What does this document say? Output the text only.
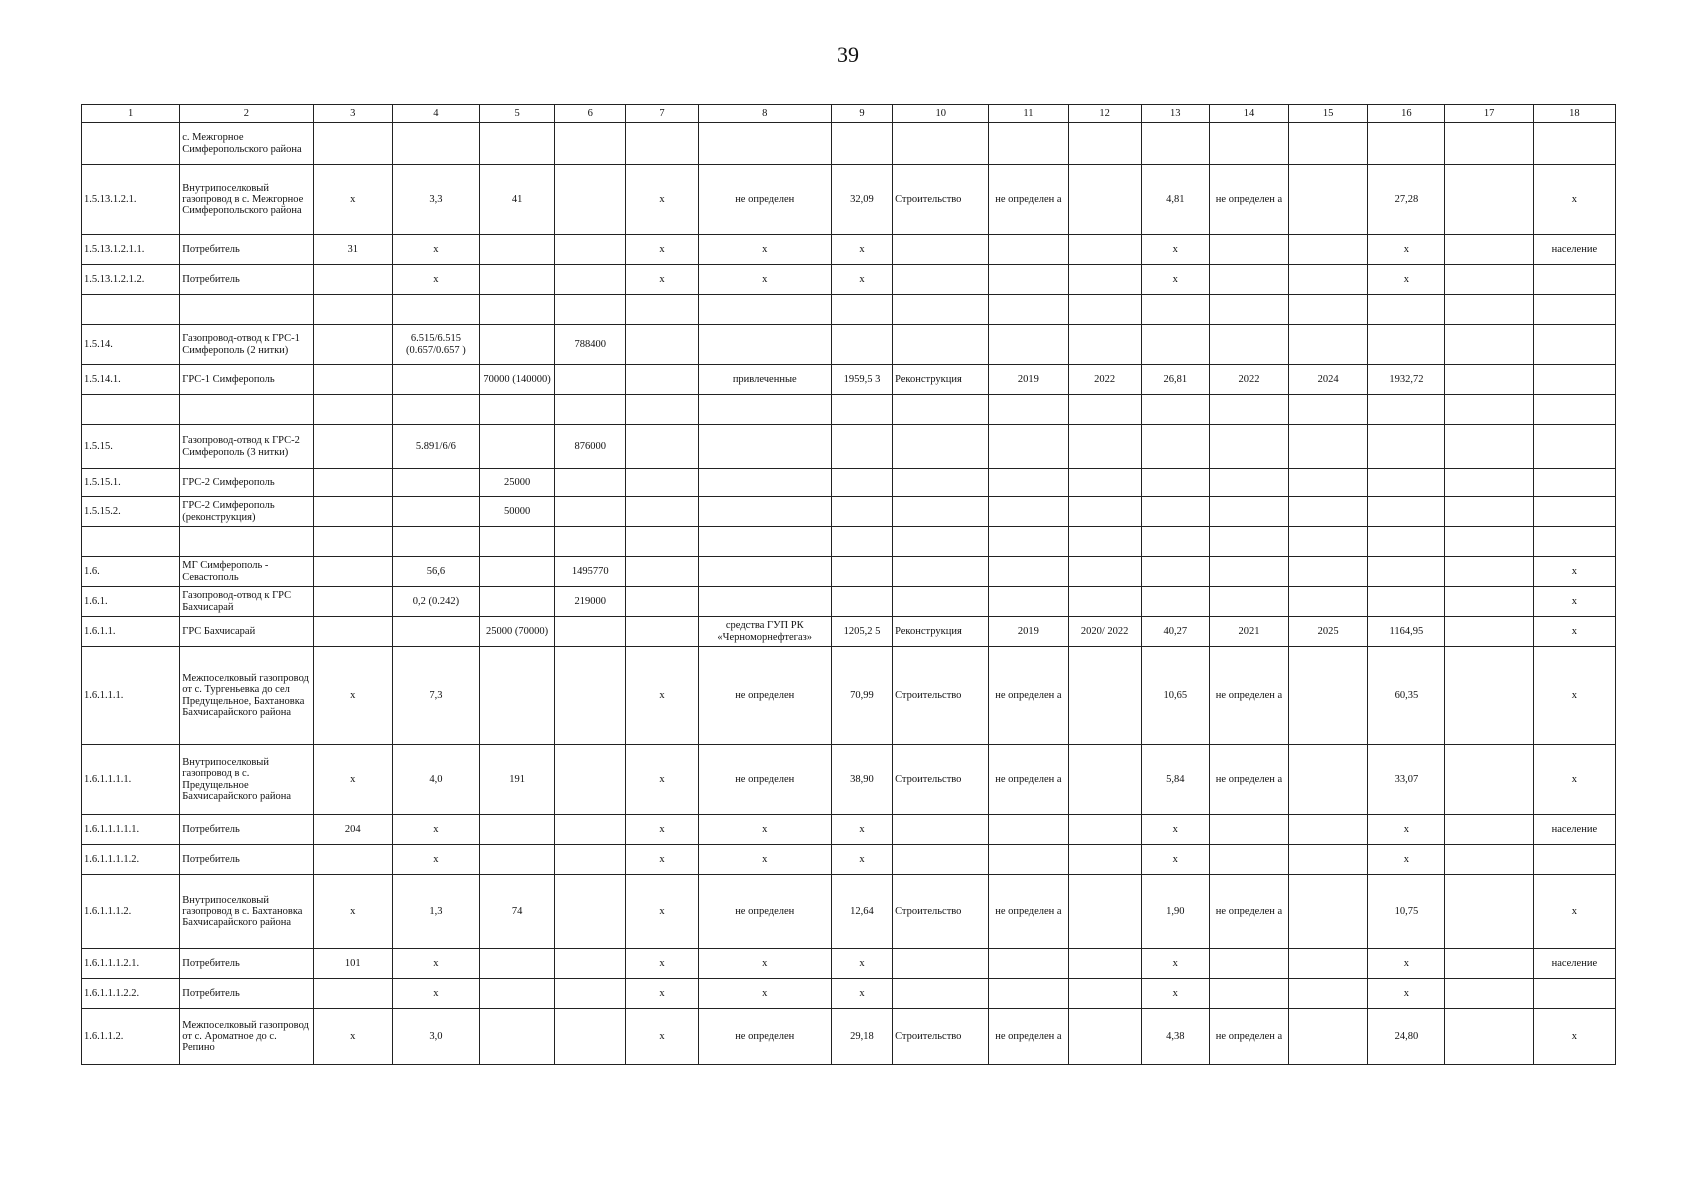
39
1	2	3	4	5	6	7	8	9	10	11	12	13	14	15	16	17	18
	с. Межгорное Симферопольского района																
1.5.13.1.2.1.	Внутрипоселковый газопровод в с. Межгорное Симферопольского района	х	3,3	41		х	не определен	32,09	Строительство	не определен а		4,81	не определен а		27,28		х
1.5.13.1.2.1.1.	Потребитель	31	х			х	х	х				х			х		население
1.5.13.1.2.1.2.	Потребитель		х			х	х	х				х			х		

1.5.14.	Газопровод-отвод к ГРС-1 Симферополь (2 нитки)		6.515/6.515 (0.657/0.657 )		788400												
1.5.14.1.	ГРС-1 Симферополь			70000 (140000)			привлеченные	1959,5 3	Реконструкция	2019	2022	26,81	2022	2024	1932,72		

1.5.15.	Газопровод-отвод к ГРС-2 Симферополь (3 нитки)		5.891/6/6		876000												
1.5.15.1.	ГРС-2 Симферополь			25000													
1.5.15.2.	ГРС-2 Симферополь (реконструкция)			50000													

1.6.	МГ Симферополь - Севастополь		56,6		1495770												х
1.6.1.	Газопровод-отвод к ГРС Бахчисарай		0,2 (0.242)		219000												х
1.6.1.1.	ГРС Бахчисарай			25000 (70000)			средства ГУП РК «Черноморнефтегаз»	1205,2 5	Реконструкция	2019	2020/ 2022	40,27	2021	2025	1164,95		х
1.6.1.1.1.	Межпоселковый газопровод от с. Тургеньевка до сел Предущельное, Бахтановка Бахчисарайского района	х	7,3			х	не определен	70,99	Строительство	не определен а		10,65	не определен а		60,35		х
1.6.1.1.1.1.	Внутрипоселковый газопровод в с. Предущельное Бахчисарайского района	х	4,0	191		х	не определен	38,90	Строительство	не определен а		5,84	не определен а		33,07		х
1.6.1.1.1.1.1.	Потребитель	204	х			х	х	х				х			х		население
1.6.1.1.1.1.2.	Потребитель		х			х	х	х				х			х		
1.6.1.1.1.2.	Внутрипоселковый газопровод в с. Бахтановка Бахчисарайского района	х	1,3	74		х	не определен	12,64	Строительство	не определен а		1,90	не определен а		10,75		х
1.6.1.1.1.2.1.	Потребитель	101	х			х	х	х				х			х		население
1.6.1.1.1.2.2.	Потребитель		х			х	х	х				х			х		
1.6.1.1.2.	Межпоселковый газопровод от с. Ароматное до с. Репино	х	3,0			х	не определен	29,18	Строительство	не определен а		4,38	не определен а		24,80		х
